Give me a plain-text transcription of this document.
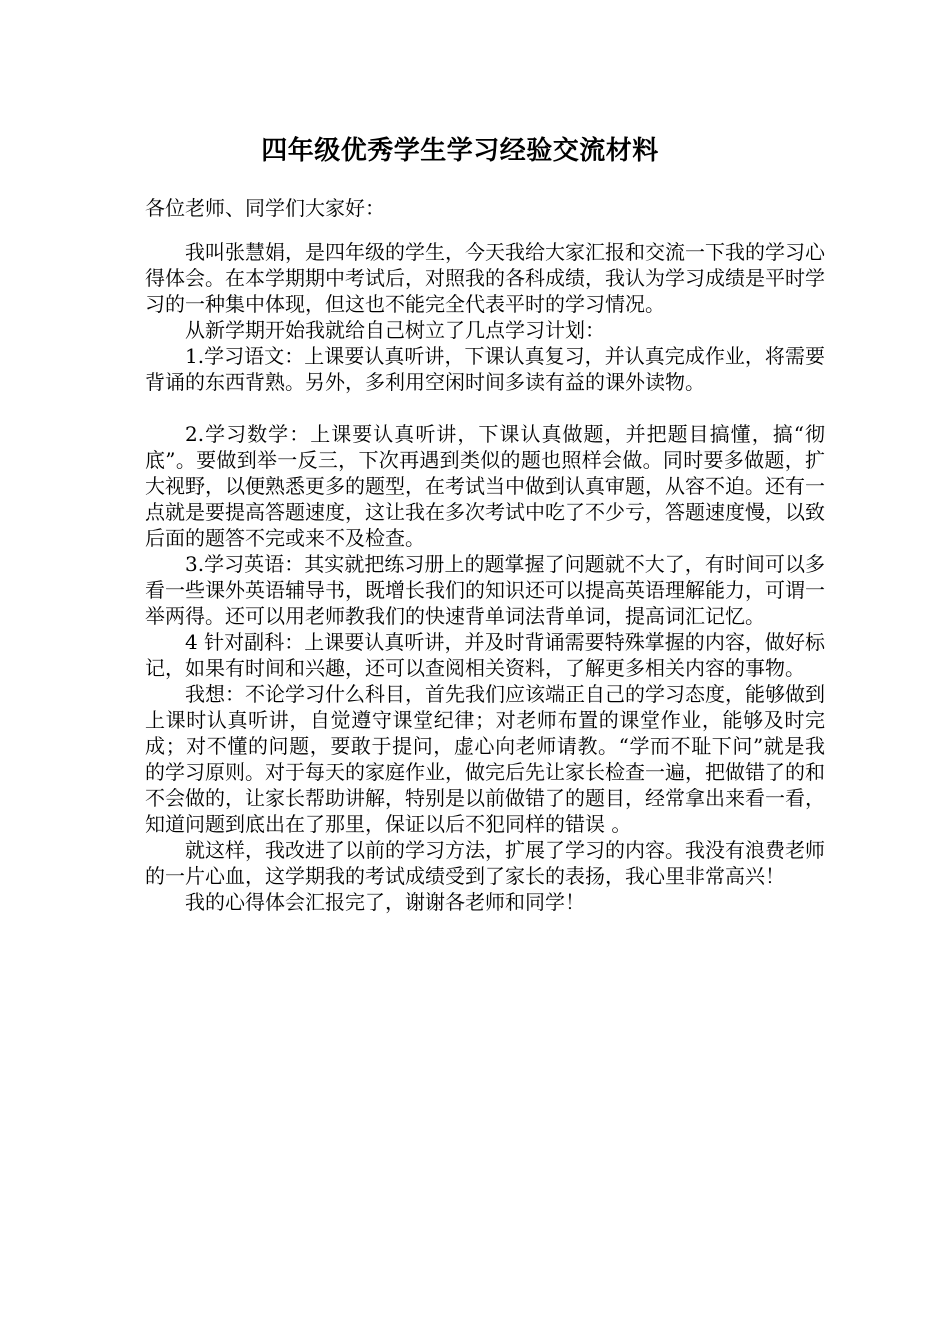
四年级优秀学生学习经验交流材料

各位老师、同学们大家好：

我叫张慧娟，是四年级的学生，今天我给大家汇报和交流一下我的学习心得体会。在本学期期中考试后，对照我的各科成绩，我认为学习成绩是平时学习的一种集中体现，但这也不能完全代表平时的学习情况。

从新学期开始我就给自己树立了几点学习计划：

1.学习语文：上课要认真听讲，下课认真复习，并认真完成作业，将需要背诵的东西背熟。另外，多利用空闲时间多读有益的课外读物。

2.学习数学：上课要认真听讲，下课认真做题，并把题目搞懂，搞“彻底”。要做到举一反三，下次再遇到类似的题也照样会做。同时要多做题，扩大视野，以便熟悉更多的题型，在考试当中做到认真审题，从容不迫。还有一点就是要提高答题速度，这让我在多次考试中吃了不少亏，答题速度慢，以致后面的题答不完或来不及检查。

3.学习英语：其实就把练习册上的题掌握了问题就不大了，有时间可以多看一些课外英语辅导书，既增长我们的知识还可以提高英语理解能力，可谓一举两得。还可以用老师教我们的快速背单词法背单词，提高词汇记忆。

4 针对副科：上课要认真听讲，并及时背诵需要特殊掌握的内容，做好标记，如果有时间和兴趣，还可以查阅相关资料，了解更多相关内容的事物。

我想：不论学习什么科目，首先我们应该端正自己的学习态度，能够做到上课时认真听讲，自觉遵守课堂纪律；对老师布置的课堂作业，能够及时完成；对不懂的问题，要敢于提问，虚心向老师请教。“学而不耻下问”就是我的学习原则。对于每天的家庭作业，做完后先让家长检查一遍，把做错了的和不会做的，让家长帮助讲解，特别是以前做错了的题目，经常拿出来看一看，知道问题到底出在了那里，保证以后不犯同样的错误 。

就这样，我改进了以前的学习方法，扩展了学习的内容。我没有浪费老师的一片心血，这学期我的考试成绩受到了家长的表扬，我心里非常高兴！

我的心得体会汇报完了，谢谢各老师和同学！
